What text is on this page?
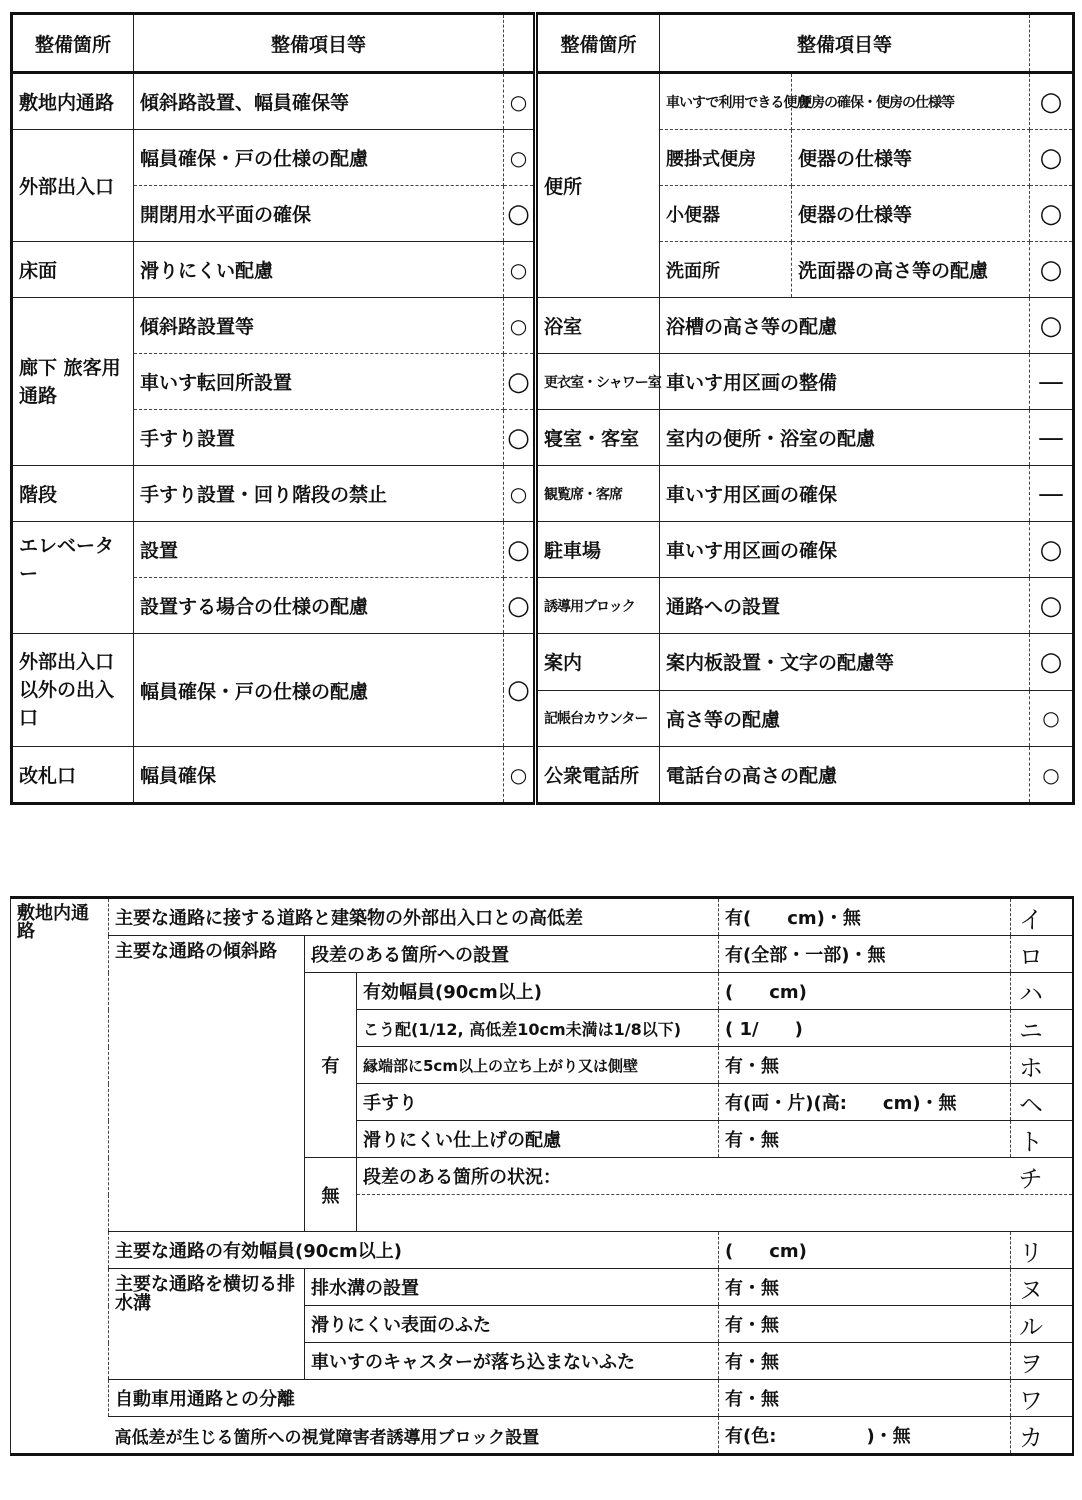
整備箇所	整備項目等		整備箇所	整備項目等		
敷地内通路	傾斜路設置、幅員確保等	○	便所	車いすで利用できる便房	便房の確保・便房の仕様等	○
外部出入口	幅員確保・戸の仕様の配慮	○		腰掛式便房	便器の仕様等	○
	開閉用水平面の確保	○		小便器	便器の仕様等	○
床面	滑りにくい配慮	○		洗面所	洗面器の高さ等の配慮	○
廊下 旅客用通路	傾斜路設置等	○	浴室	浴槽の高さ等の配慮		○
	車いす転回所設置	○	更衣室・シャワー室	車いす用区画の整備		—
	手すり設置	○	寝室・客室	室内の便所・浴室の配慮		—
階段	手すり設置・回り階段の禁止	○	観覧席・客席	車いす用区画の確保		—
エレベーター	設置	○	駐車場	車いす用区画の確保		○
	設置する場合の仕様の配慮	○	誘導用ブロック	通路への設置		○
外部出入口以外の出入口	幅員確保・戸の仕様の配慮	○	案内	案内板設置・文字の配慮等		○
			記帳台カウンター	高さ等の配慮		○
改札口	幅員確保	○	公衆電話所	電話台の高さの配慮		○
敷地内通路	主要な通路に接する道路と建築物の外部出入口との高低差			有(　　cm)・無	イ
	主要な通路の傾斜路	段差のある箇所への設置		有(全部・一部)・無	ロ
		有	有効幅員(90cm以上)	(　　cm)	ハ
			こう配(1/12, 高低差10cm未満は1/8以下)	( 1/　　)	ニ
			縁端部に5cm以上の立ち上がり又は側壁	有・無	ホ
			手すり	有(両・片)(高:　　cm)・無	ヘ
			滑りにくい仕上げの配慮	有・無	ト
		無	段差のある箇所の状況：		チ

	主要な通路の有効幅員(90cm以上)			(　　cm)	リ
	主要な通路を横切る排水溝	排水溝の設置		有・無	ヌ
		滑りにくい表面のふた		有・無	ル
		車いすのキャスターが落ち込まないふた		有・無	ヲ
	自動車用通路との分離			有・無	ワ
	高低差が生じる箇所への視覚障害者誘導用ブロック設置			有(色:　　　　　)・無	カ
